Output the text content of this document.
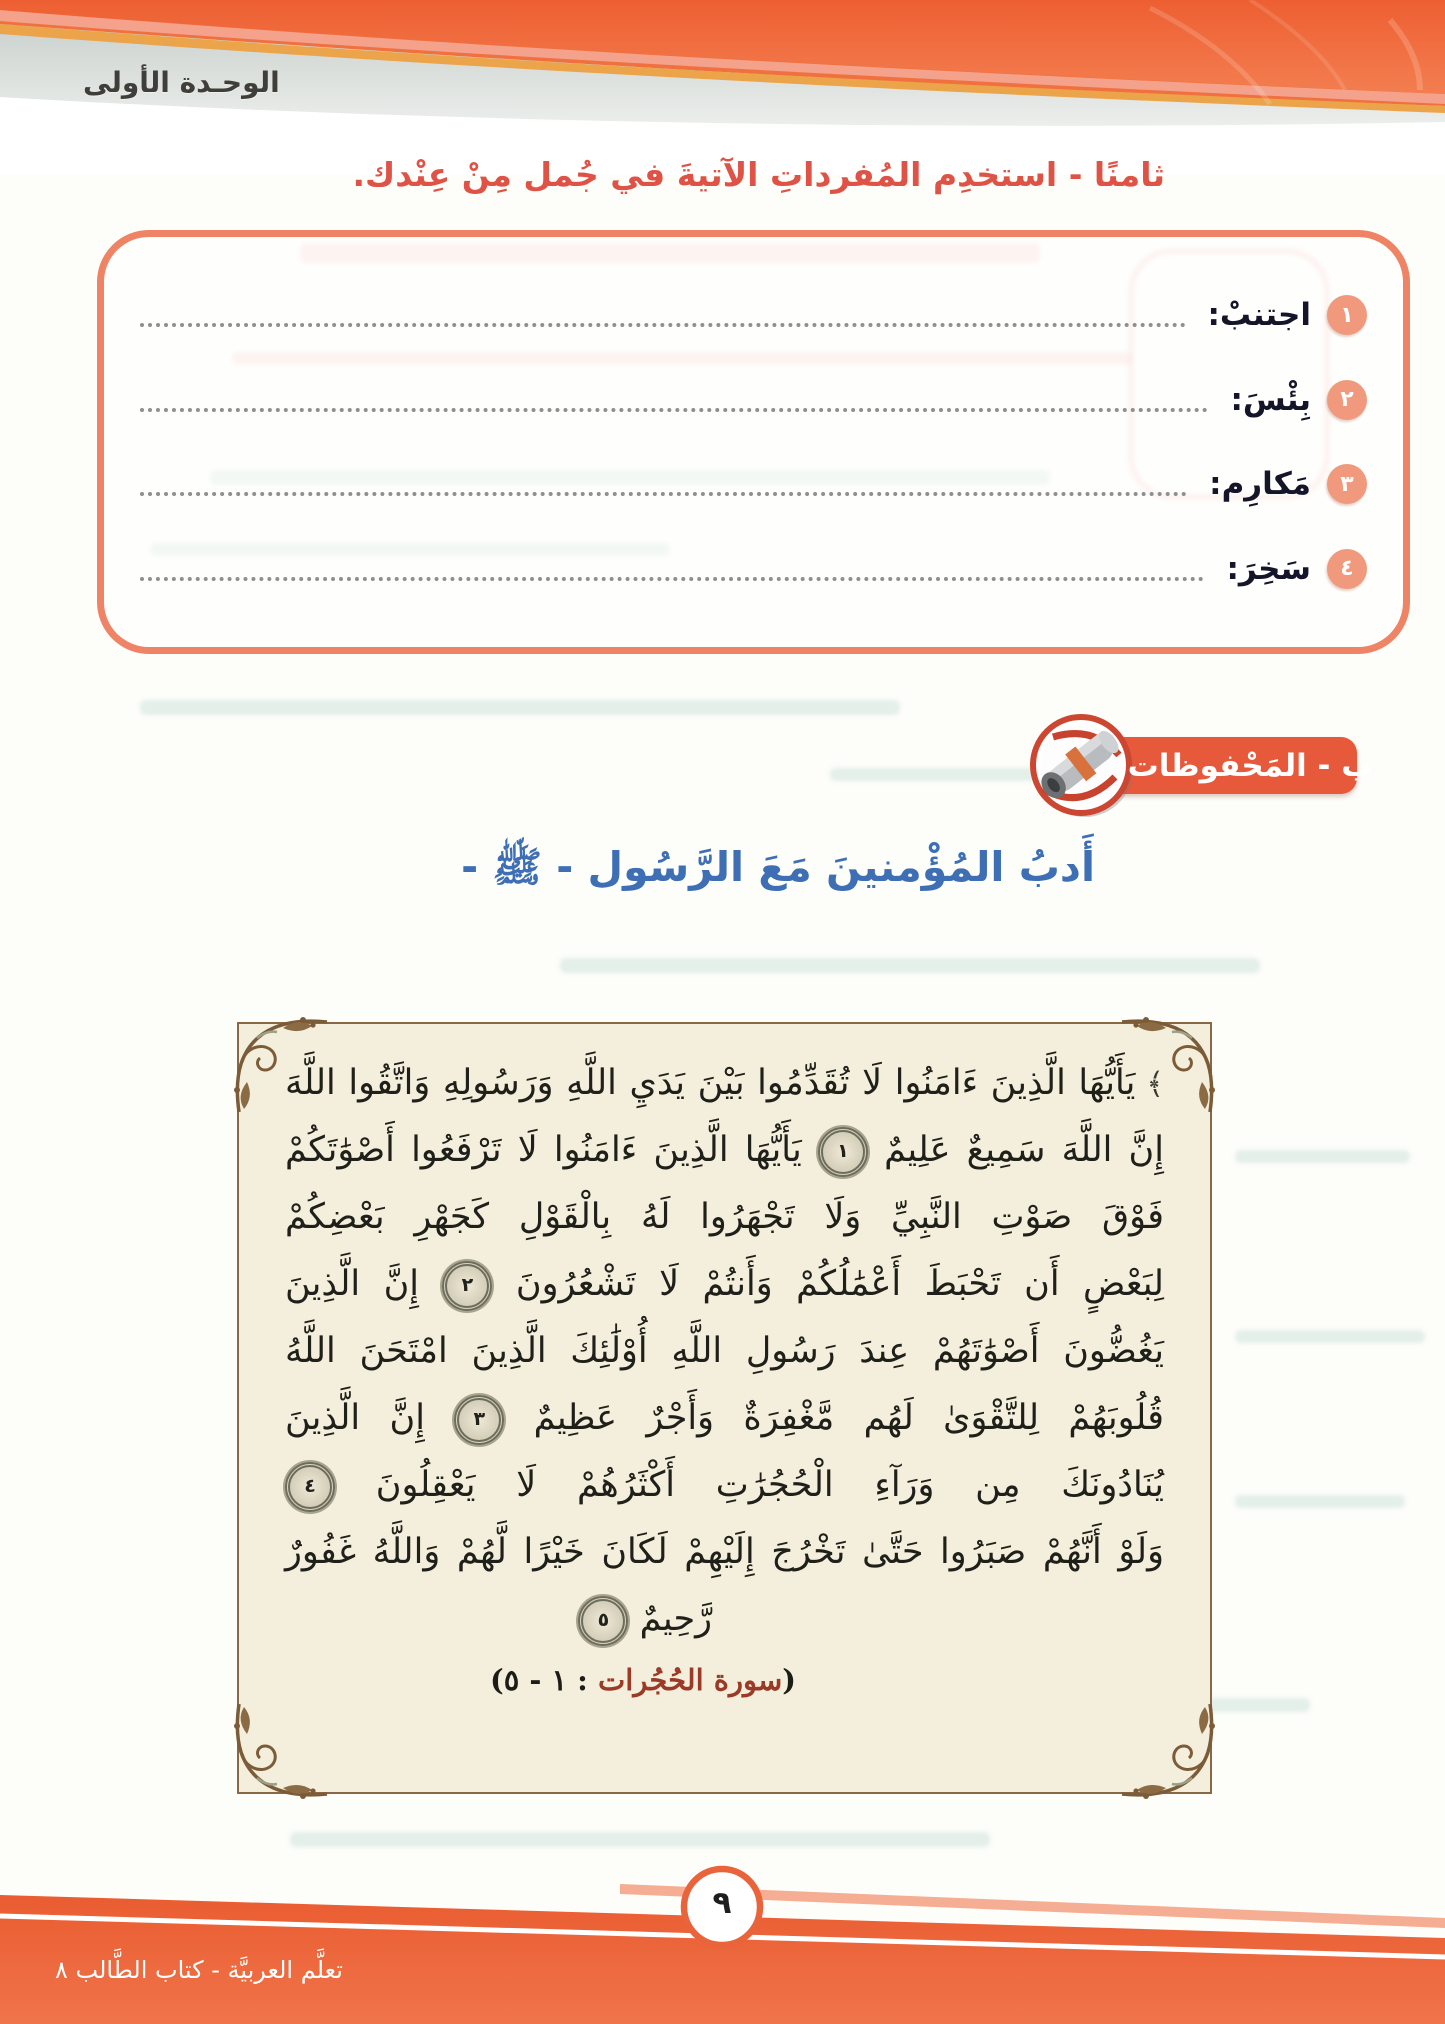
الوحـدة الأولى
ثامنًا - استخدِم المُفرداتِ الآتيةَ في جُمل مِنْ عِنْدك.
١
اجتنبْ:
٢
بِئْسَ:
٣
مَكارِم:
٤
سَخِرَ:
ب - المَحْفوظات
أَدبُ المُؤْمنينَ مَعَ الرَّسُول - ﷺ -
﴾ يَأَيُّهَا الَّذِينَ ءَامَنُوا لَا تُقَدِّمُوا بَيْنَ يَدَيِ اللَّهِ وَرَسُولِهِ وَاتَّقُوا اللَّهَ
إِنَّ اللَّهَ سَمِيعٌ عَلِيمٌ
١
يَأَيُّهَا الَّذِينَ ءَامَنُوا لَا تَرْفَعُوا أَصْوَٰتَكُمْ
فَوْقَ صَوْتِ النَّبِيِّ وَلَا تَجْهَرُوا لَهُ بِالْقَوْلِ كَجَهْرِ بَعْضِكُمْ
لِبَعْضٍ أَن تَحْبَطَ أَعْمَٰلُكُمْ وَأَنتُمْ لَا تَشْعُرُونَ
٢
إِنَّ الَّذِينَ
يَغُضُّونَ أَصْوَٰتَهُمْ عِندَ رَسُولِ اللَّهِ أُوْلَٰئِكَ الَّذِينَ امْتَحَنَ اللَّهُ
قُلُوبَهُمْ لِلتَّقْوَىٰ لَهُم مَّغْفِرَةٌ وَأَجْرٌ عَظِيمٌ
٣
إِنَّ الَّذِينَ
يُنَادُونَكَ مِن وَرَآءِ الْحُجُرَٰتِ أَكْثَرُهُمْ لَا يَعْقِلُونَ
٤
وَلَوْ أَنَّهُمْ صَبَرُوا حَتَّىٰ تَخْرُجَ إِلَيْهِمْ لَكَانَ خَيْرًا لَّهُمْ وَاللَّهُ غَفُورٌ
رَّحِيمٌ
٥
(سورة الحُجُرات : ١ - ٥)
٩
تعلَّم العربيَّة - كتاب الطَّالب ٨
